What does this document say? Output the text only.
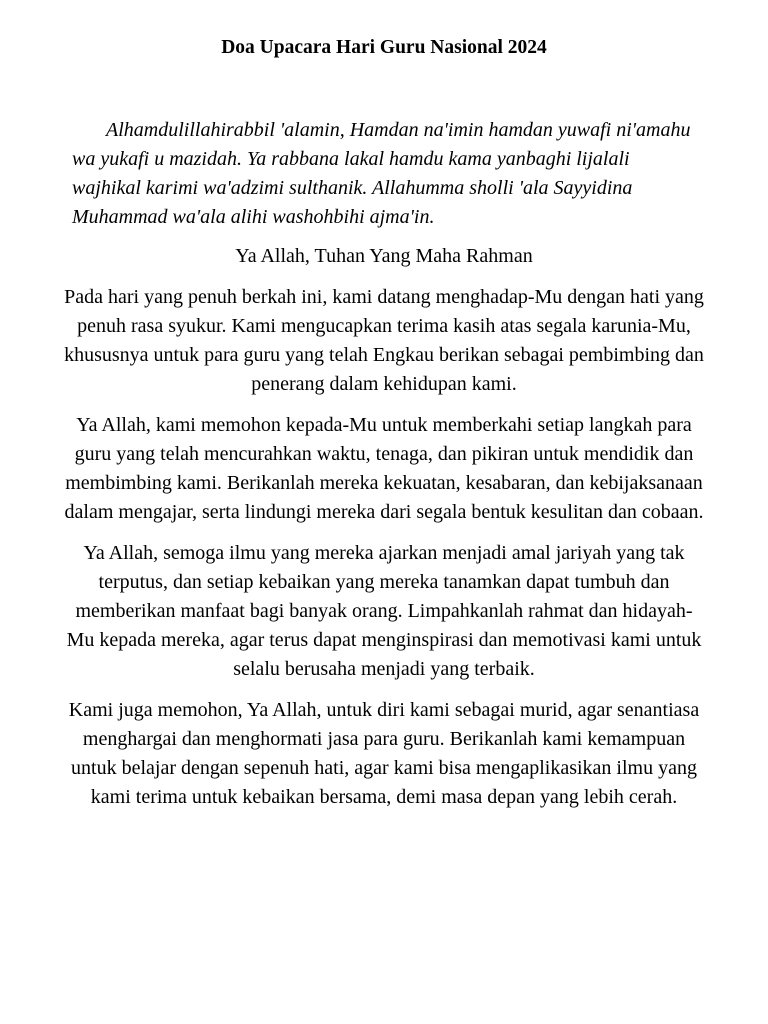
Doa Upacara Hari Guru Nasional 2024

Alhamdulillahirabbil 'alamin, Hamdan na'imin hamdan yuwafi ni'amahu wa yukafi u mazidah. Ya rabbana lakal hamdu kama yanbaghi lijalali wajhikal karimi wa'adzimi sulthanik. Allahumma sholli 'ala Sayyidina Muhammad wa'ala alihi washohbihi ajma'in.

Ya Allah, Tuhan Yang Maha Rahman

Pada hari yang penuh berkah ini, kami datang menghadap-Mu dengan hati yang penuh rasa syukur. Kami mengucapkan terima kasih atas segala karunia-Mu, khususnya untuk para guru yang telah Engkau berikan sebagai pembimbing dan penerang dalam kehidupan kami.

Ya Allah, kami memohon kepada-Mu untuk memberkahi setiap langkah para guru yang telah mencurahkan waktu, tenaga, dan pikiran untuk mendidik dan membimbing kami. Berikanlah mereka kekuatan, kesabaran, dan kebijaksanaan dalam mengajar, serta lindungi mereka dari segala bentuk kesulitan dan cobaan.

Ya Allah, semoga ilmu yang mereka ajarkan menjadi amal jariyah yang tak terputus, dan setiap kebaikan yang mereka tanamkan dapat tumbuh dan memberikan manfaat bagi banyak orang. Limpahkanlah rahmat dan hidayah-Mu kepada mereka, agar terus dapat menginspirasi dan memotivasi kami untuk selalu berusaha menjadi yang terbaik.

Kami juga memohon, Ya Allah, untuk diri kami sebagai murid, agar senantiasa menghargai dan menghormati jasa para guru. Berikanlah kami kemampuan untuk belajar dengan sepenuh hati, agar kami bisa mengaplikasikan ilmu yang kami terima untuk kebaikan bersama, demi masa depan yang lebih cerah.
